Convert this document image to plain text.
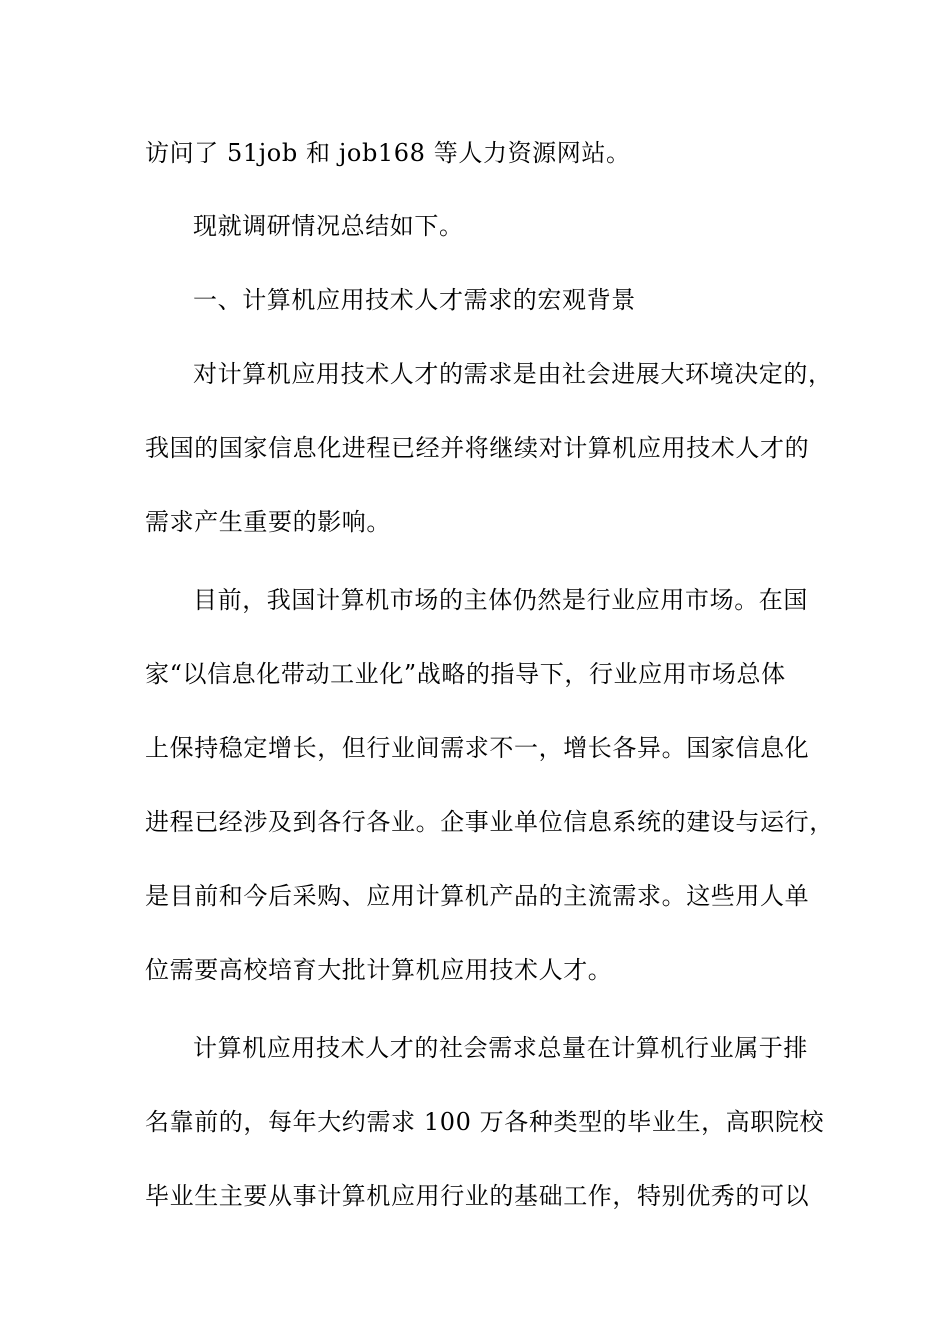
访问了 51job 和 job168 等人力资源网站。
现就调研情况总结如下。
一、计算机应用技术人才需求的宏观背景
对计算机应用技术人才的需求是由社会进展大环境决定的，
我国的国家信息化进程已经并将继续对计算机应用技术人才的
需求产生重要的影响。
目前，我国计算机市场的主体仍然是行业应用市场。在国
家“以信息化带动工业化”战略的指导下，行业应用市场总体
上保持稳定增长，但行业间需求不一，增长各异。国家信息化
进程已经涉及到各行各业。企事业单位信息系统的建设与运行，
是目前和今后采购、应用计算机产品的主流需求。这些用人单
位需要高校培育大批计算机应用技术人才。
计算机应用技术人才的社会需求总量在计算机行业属于排
名靠前的，每年大约需求 100 万各种类型的毕业生，高职院校
毕业生主要从事计算机应用行业的基础工作，特别优秀的可以
